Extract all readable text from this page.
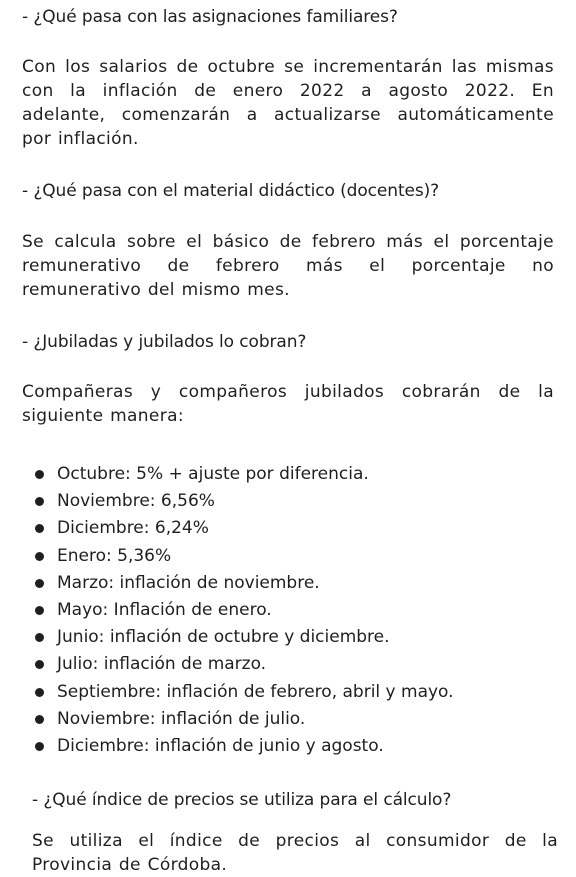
- ¿Qué pasa con las asignaciones familiares?

Con los salarios de octubre se incrementarán las mismas
con la inflación de enero 2022 a agosto 2022. En
adelante, comenzarán a actualizarse automáticamente
por inflación.

- ¿Qué pasa con el material didáctico (docentes)?

Se calcula sobre el básico de febrero más el porcentaje
remunerativo de febrero más el porcentaje no
remunerativo del mismo mes.

- ¿Jubiladas y jubilados lo cobran?

Compañeras y compañeros jubilados cobrarán de la
siguiente manera:
Octubre: 5% + ajuste por diferencia.
Noviembre: 6,56%
Diciembre: 6,24%
Enero: 5,36%
Marzo: inflación de noviembre.
Mayo: Inflación de enero.
Junio: inflación de octubre y diciembre.
Julio: inflación de marzo.
Septiembre: inflación de febrero, abril y mayo.
Noviembre: inflación de julio.
Diciembre: inflación de junio y agosto.

- ¿Qué índice de precios se utiliza para el cálculo?

Se utiliza el índice de precios al consumidor de la
Provincia de Córdoba.
